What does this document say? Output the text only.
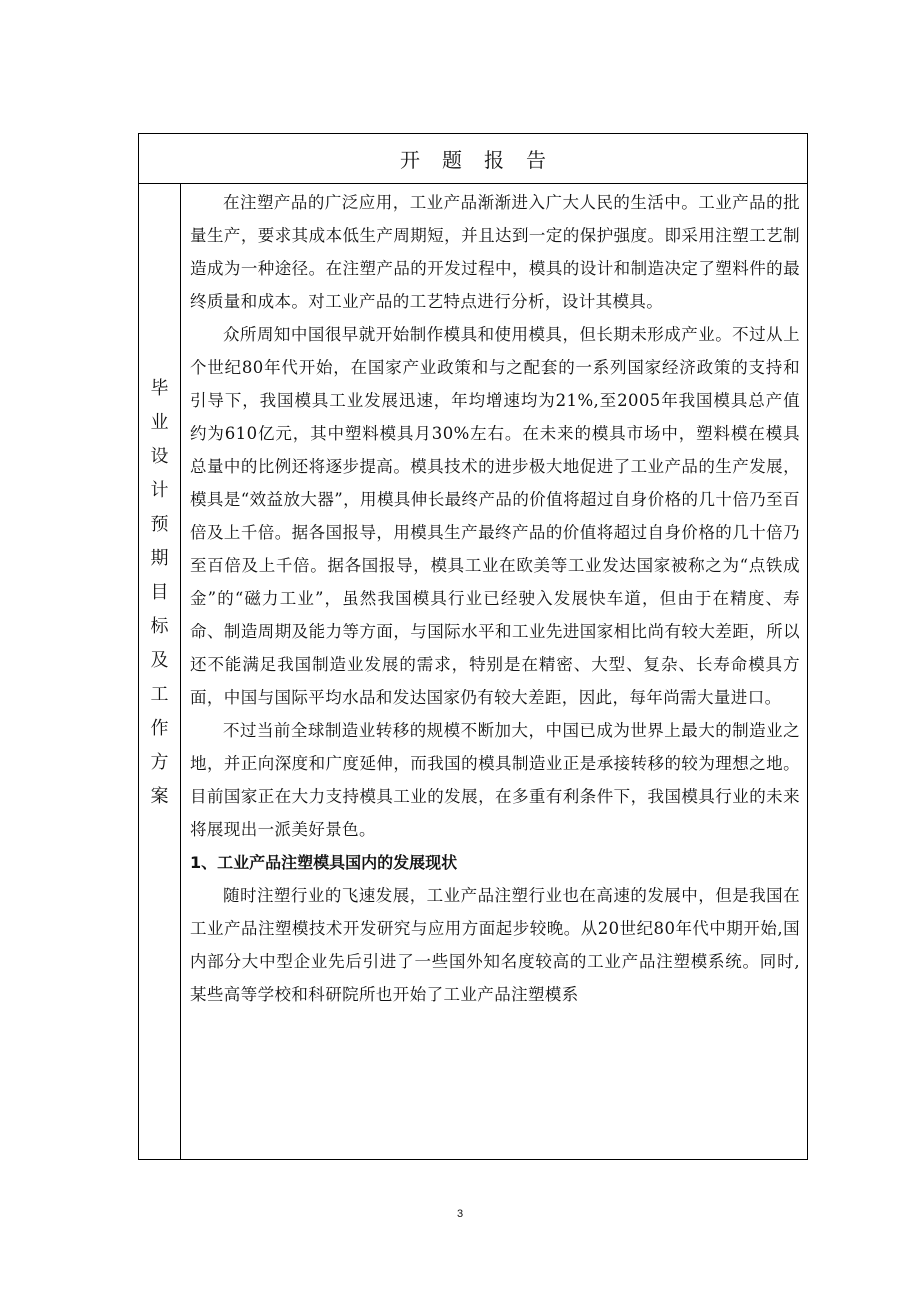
开题报告
毕
业
设
计
预
期
目
标
及
工
作
方
案

在注塑产品的广泛应用，工业产品渐渐进入广大人民的生活中。工业产品的批量生产，要求其成本低生产周期短，并且达到一定的保护强度。即采用注塑工艺制造成为一种途径。在注塑产品的开发过程中，模具的设计和制造决定了塑料件的最终质量和成本。对工业产品的工艺特点进行分析，设计其模具。

众所周知中国很早就开始制作模具和使用模具，但长期未形成产业。不过从上个世纪80年代开始，在国家产业政策和与之配套的一系列国家经济政策的支持和引导下，我国模具工业发展迅速，年均增速均为21%,至2005年我国模具总产值约为610亿元，其中塑料模具月30%左右。在未来的模具市场中，塑料模在模具总量中的比例还将逐步提高。模具技术的进步极大地促进了工业产品的生产发展，模具是“效益放大器”，用模具伸长最终产品的价值将超过自身价格的几十倍乃至百倍及上千倍。据各国报导，用模具生产最终产品的价值将超过自身价格的几十倍乃至百倍及上千倍。据各国报导，模具工业在欧美等工业发达国家被称之为“点铁成金”的“磁力工业”，虽然我国模具行业已经驶入发展快车道，但由于在精度、寿命、制造周期及能力等方面，与国际水平和工业先进国家相比尚有较大差距，所以还不能满足我国制造业发展的需求，特别是在精密、大型、复杂、长寿命模具方面，中国与国际平均水品和发达国家仍有较大差距，因此，每年尚需大量进口。

不过当前全球制造业转移的规模不断加大，中国已成为世界上最大的制造业之地，并正向深度和广度延伸，而我国的模具制造业正是承接转移的较为理想之地。目前国家正在大力支持模具工业的发展，在多重有利条件下，我国模具行业的未来将展现出一派美好景色。

1、工业产品注塑模具国内的发展现状

随时注塑行业的飞速发展，工业产品注塑行业也在高速的发展中，但是我国在工业产品注塑模技术开发研究与应用方面起步较晚。从20世纪80年代中期开始,国内部分大中型企业先后引进了一些国外知名度较高的工业产品注塑模系统。同时,某些高等学校和科研院所也开始了工业产品注塑模系

3
